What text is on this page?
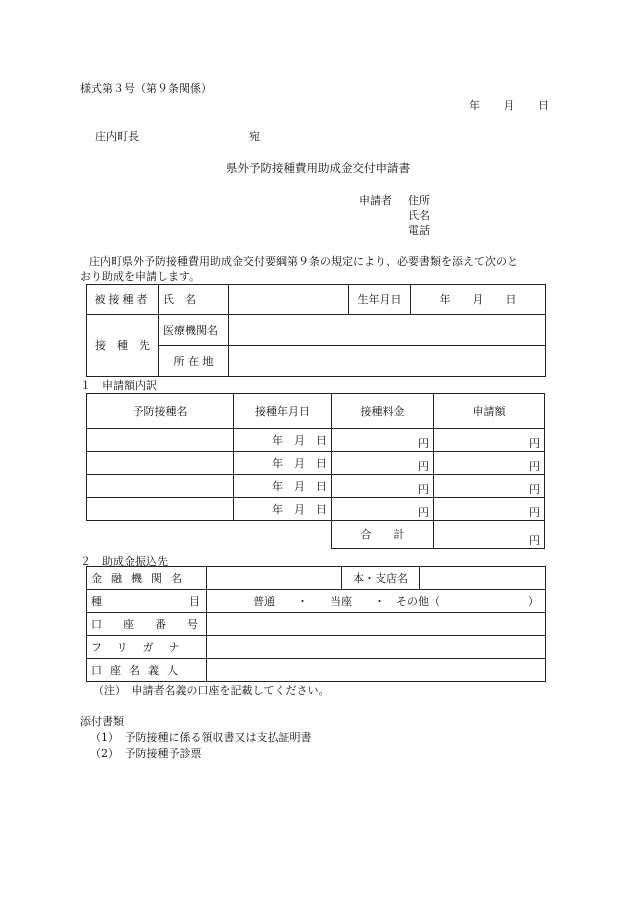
様式第３号（第９条関係）
年 月 日
庄内町長	宛
県外予防接種費用助成金交付申請書
申請者 住所
氏名
電話
庄内町県外予防接種費用助成金交付要綱第９条の規定により、必要書類を添えて次のと
おり助成を申請します。
被接種者	氏　名		生年月日	年　　月　　日
接　種　先	医療機関名			
	所 在 地			
１　申請額内訳
予防接種名	接種年月日	接種料金	申請額
	年　月　日	円	円
	年　月　日	円	円
	年　月　日	円	円
	年　月　日	円	円
		合　　計	円
２　助成金振込先
金融機関名		本・支店名	
種目	普通　　・　　当座　　・　その他（　　　　　　　　）		
口座番号			
フリガナ			
口座名義人			
（注）　申請者名義の口座を記載してください。
添付書類
（1）　予防接種に係る領収書又は支払証明書
（2）　予防接種予診票
